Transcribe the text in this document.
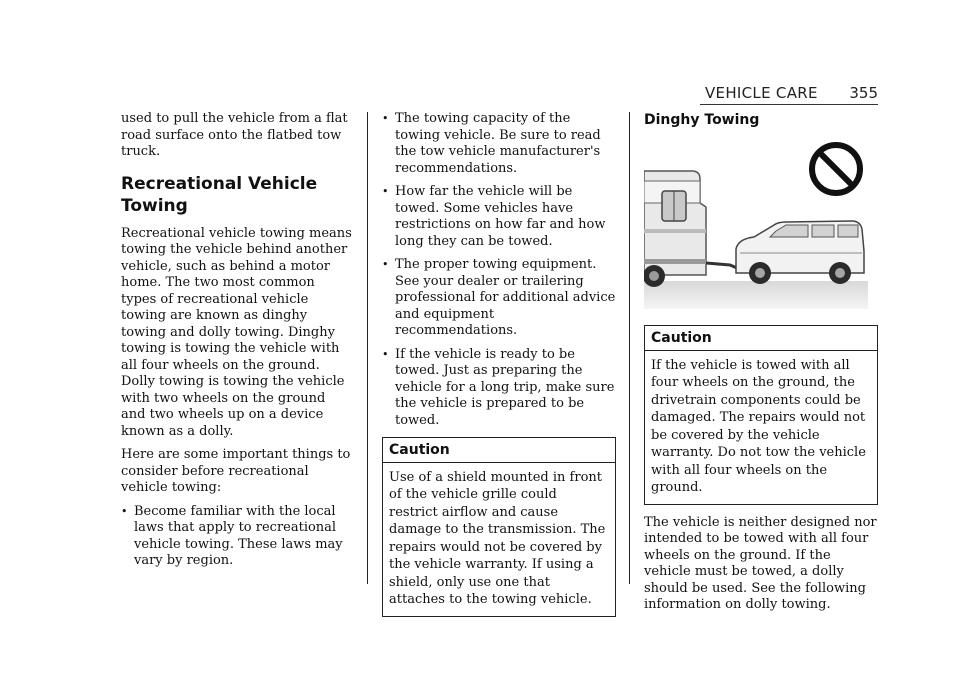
VEHICLE CARE 355

used to pull the vehicle from a flat road surface onto the flatbed tow truck.

Recreational Vehicle Towing

Recreational vehicle towing means towing the vehicle behind another vehicle, such as behind a motor home. The two most common types of recreational vehicle towing are known as dinghy towing and dolly towing. Dinghy towing is towing the vehicle with all four wheels on the ground. Dolly towing is towing the vehicle with two wheels on the ground and two wheels up on a device known as a dolly.

Here are some important things to consider before recreational vehicle towing:

• Become familiar with the local laws that apply to recreational vehicle towing. These laws may vary by region.
• The towing capacity of the towing vehicle. Be sure to read the tow vehicle manufacturer's recommendations.
• How far the vehicle will be towed. Some vehicles have restrictions on how far and how long they can be towed.
• The proper towing equipment. See your dealer or trailering professional for additional advice and equipment recommendations.
• If the vehicle is ready to be towed. Just as preparing the vehicle for a long trip, make sure the vehicle is prepared to be towed.
Caution
Use of a shield mounted in front of the vehicle grille could restrict airflow and cause damage to the transmission. The repairs would not be covered by the vehicle warranty. If using a shield, only use one that attaches to the towing vehicle.
Dinghy Towing
Caution
If the vehicle is towed with all four wheels on the ground, the drivetrain components could be damaged. The repairs would not be covered by the vehicle warranty. Do not tow the vehicle with all four wheels on the ground.

The vehicle is neither designed nor intended to be towed with all four wheels on the ground. If the vehicle must be towed, a dolly should be used. See the following information on dolly towing.
